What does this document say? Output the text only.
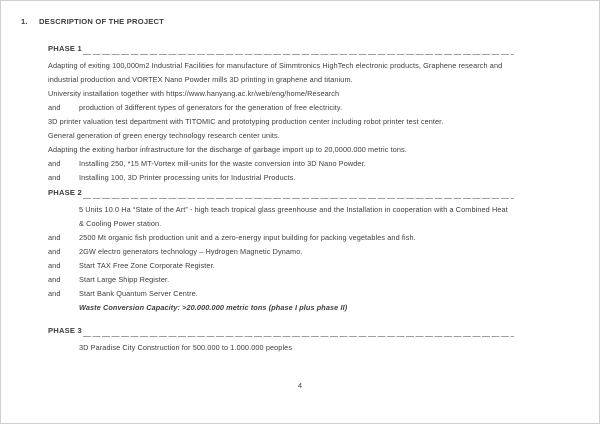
1. DESCRIPTION OF THE PROJECT
PHASE 1
Adapting of exiting 100,000m2 Industrial Facilities for manufacture of Simmtronics HighTech electronic products, Graphene research and industrial production and VORTEX Nano Powder mills 3D printing in graphene and titanium.
University installation together with https://www.hanyang.ac.kr/web/eng/home/Research
and	production of 3different types of generators for the generation of free electricity.
3D printer valuation test department with TITOMIC and prototyping production center including robot printer test center.
General generation of green energy technology research center units.
Adapting the exiting harbor infrastructure for the discharge of garbage import up to 20,0000.000 metric tons.
and	Installing 250, *15 MT-Vortex mill-units for the waste conversion into 3D Nano Powder.
and	Installing 100, 3D Printer processing units for Industrial Products.
PHASE 2
5 Units 10.0 Ha “State of the Art” - high teach tropical glass greenhouse and the Installation in cooperation with a Combined Heat & Cooling Power station.
and	2500 Mt organic fish production unit and a zero-energy input building for packing vegetables and fish.
and	2GW electro generators technology – Hydrogen Magnetic Dynamo.
and	Start TAX Free Zone Corporate Register.
and	Start Large Shipp Register.
and	Start Bank Quantum Server Centre.
Waste Conversion Capacity: >20.000.000 metric tons (phase I plus phase II)
PHASE 3
3D Paradise City Construction for 500.000 to 1.000.000 peoples
4
